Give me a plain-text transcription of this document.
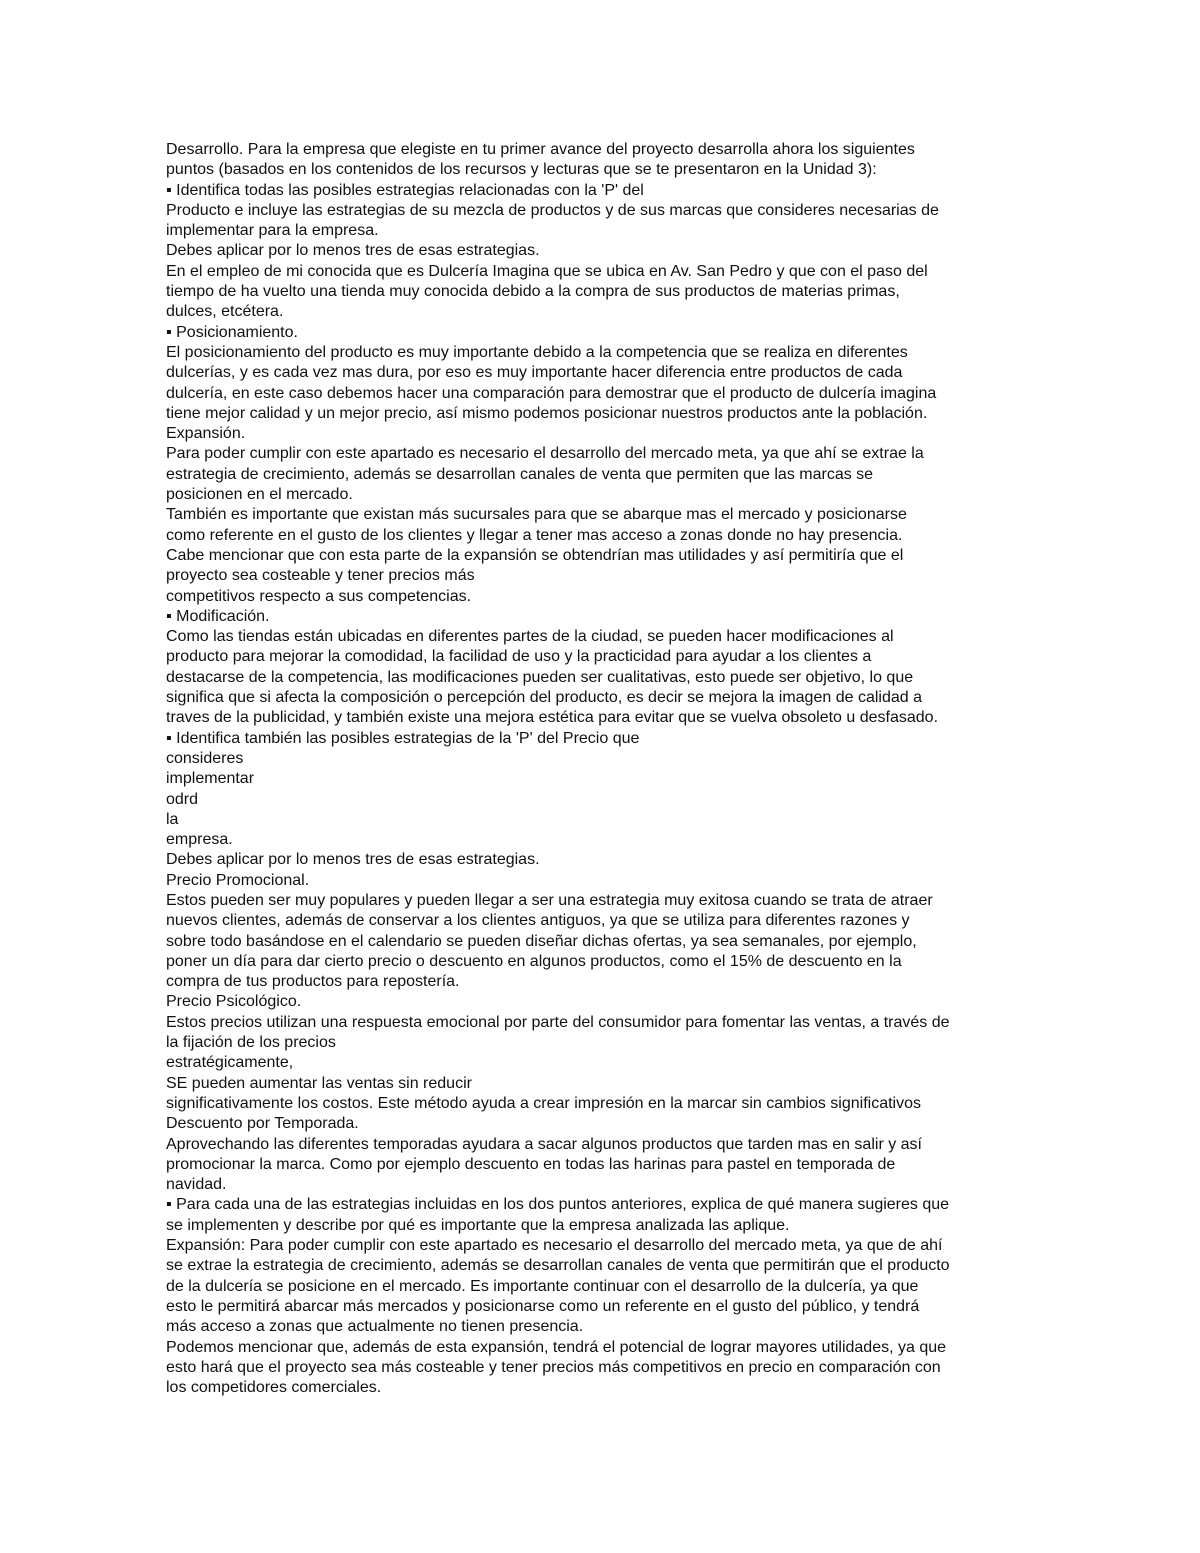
Desarrollo. Para la empresa que elegiste en tu primer avance del proyecto desarrolla ahora los siguientes
puntos (basados en los contenidos de los recursos y lecturas que se te presentaron en la Unidad 3):
▪ Identifica todas las posibles estrategias relacionadas con la 'P' del
Producto e incluye las estrategias de su mezcla de productos y de sus marcas que consideres necesarias de
implementar para la empresa.
Debes aplicar por lo menos tres de esas estrategias.
En el empleo de mi conocida que es Dulcería Imagina que se ubica en Av. San Pedro y que con el paso del
tiempo de ha vuelto una tienda muy conocida debido a la compra de sus productos de materias primas,
dulces, etcétera.
▪ Posicionamiento.
El posicionamiento del producto es muy importante debido a la competencia que se realiza en diferentes
dulcerías, y es cada vez mas dura, por eso es muy importante hacer diferencia entre productos de cada
dulcería, en este caso debemos hacer una comparación para demostrar que el producto de dulcería imagina
tiene mejor calidad y un mejor precio, así mismo podemos posicionar nuestros productos ante la población.
Expansión.
Para poder cumplir con este apartado es necesario el desarrollo del mercado meta, ya que ahí se extrae la
estrategia de crecimiento, además se desarrollan canales de venta que permiten que las marcas se
posicionen en el mercado.
También es importante que existan más sucursales para que se abarque mas el mercado y posicionarse
como referente en el gusto de los clientes y llegar a tener mas acceso a zonas donde no hay presencia.
Cabe mencionar que con esta parte de la expansión se obtendrían mas utilidades y así permitiría que el
proyecto sea costeable y tener precios más
competitivos respecto a sus competencias.
▪ Modificación.
Como las tiendas están ubicadas en diferentes partes de la ciudad, se pueden hacer modificaciones al
producto para mejorar la comodidad, la facilidad de uso y la practicidad para ayudar a los clientes a
destacarse de la competencia, las modificaciones pueden ser cualitativas, esto puede ser objetivo, lo que
significa que si afecta la composición o percepción del producto, es decir se mejora la imagen de calidad a
traves de la publicidad, y también existe una mejora estética para evitar que se vuelva obsoleto u desfasado.
▪ Identifica también las posibles estrategias de la 'P' del Precio que
consideres
implementar
odrd
la
empresa.
Debes aplicar por lo menos tres de esas estrategias.
Precio Promocional.
Estos pueden ser muy populares y pueden llegar a ser una estrategia muy exitosa cuando se trata de atraer
nuevos clientes, además de conservar a los clientes antiguos, ya que se utiliza para diferentes razones y
sobre todo basándose en el calendario se pueden diseñar dichas ofertas, ya sea semanales, por ejemplo,
poner un día para dar cierto precio o descuento en algunos productos, como el 15% de descuento en la
compra de tus productos para repostería.
Precio Psicológico.
Estos precios utilizan una respuesta emocional por parte del consumidor para fomentar las ventas, a través de
la fijación de los precios
estratégicamente,
SE pueden aumentar las ventas sin reducir
significativamente los costos. Este método ayuda a crear impresión en la marcar sin cambios significativos
Descuento por Temporada.
Aprovechando las diferentes temporadas ayudara a sacar algunos productos que tarden mas en salir y así
promocionar la marca. Como por ejemplo descuento en todas las harinas para pastel en temporada de
navidad.
▪ Para cada una de las estrategias incluidas en los dos puntos anteriores, explica de qué manera sugieres que
se implementen y describe por qué es importante que la empresa analizada las aplique.
Expansión: Para poder cumplir con este apartado es necesario el desarrollo del mercado meta, ya que de ahí
se extrae la estrategia de crecimiento, además se desarrollan canales de venta que permitirán que el producto
de la dulcería se posicione en el mercado. Es importante continuar con el desarrollo de la dulcería, ya que
esto le permitirá abarcar más mercados y posicionarse como un referente en el gusto del público, y tendrá
más acceso a zonas que actualmente no tienen presencia.
Podemos mencionar que, además de esta expansión, tendrá el potencial de lograr mayores utilidades, ya que
esto hará que el proyecto sea más costeable y tener precios más competitivos en precio en comparación con
los competidores comerciales.
